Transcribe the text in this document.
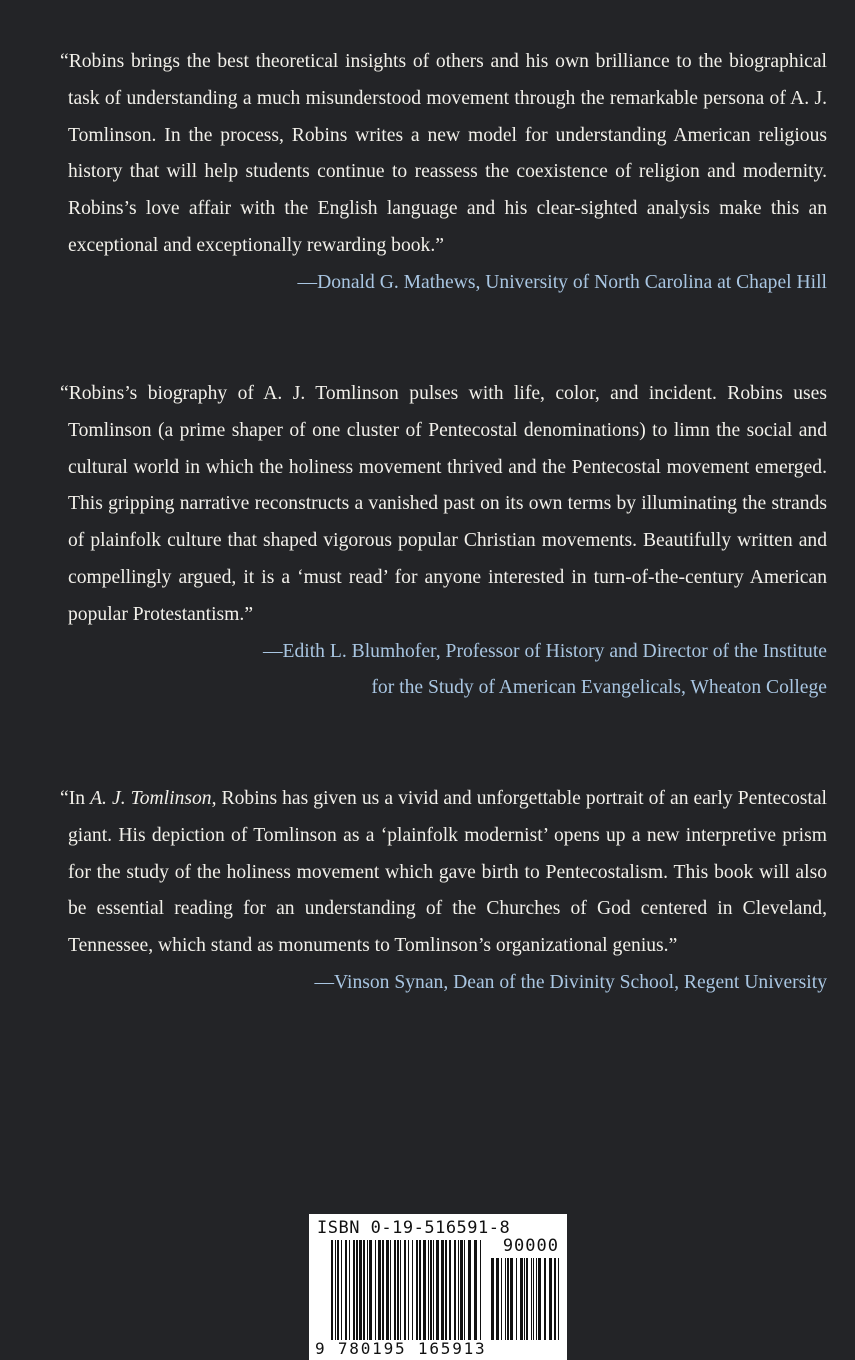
“Robins brings the best theoretical insights of others and his own brilliance to the biographical task of understanding a much misunderstood movement through the remarkable persona of A. J. Tomlinson. In the process, Robins writes a new model for understanding American religious history that will help students continue to reassess the coexistence of religion and modernity. Robins’s love affair with the English language and his clear-sighted analysis make this an exceptional and exceptionally rewarding book.”

—Donald G. Mathews, University of North Carolina at Chapel Hill

“Robins’s biography of A. J. Tomlinson pulses with life, color, and incident. Robins uses Tomlinson (a prime shaper of one cluster of Pentecostal denominations) to limn the social and cultural world in which the holiness movement thrived and the Pentecostal movement emerged. This gripping narrative reconstructs a vanished past on its own terms by illuminating the strands of plainfolk culture that shaped vigorous popular Christian movements. Beautifully written and compellingly argued, it is a ‘must read’ for anyone interested in turn-of-the-century American popular Protestantism.”

—Edith L. Blumhofer, Professor of History and Director of the Institute

for the Study of American Evangelicals, Wheaton College

“In A. J. Tomlinson, Robins has given us a vivid and unforgettable portrait of an early Pentecostal giant. His depiction of Tomlinson as a ‘plainfolk modernist’ opens up a new interpretive prism for the study of the holiness movement which gave birth to Pentecostalism. This book will also be essential reading for an understanding of the Churches of God centered in Cleveland, Tennessee, which stand as monuments to Tomlinson’s organizational genius.”

—Vinson Synan, Dean of the Divinity School, Regent University

ISBN 0-19-516591-8
90000
9 780195 165913
